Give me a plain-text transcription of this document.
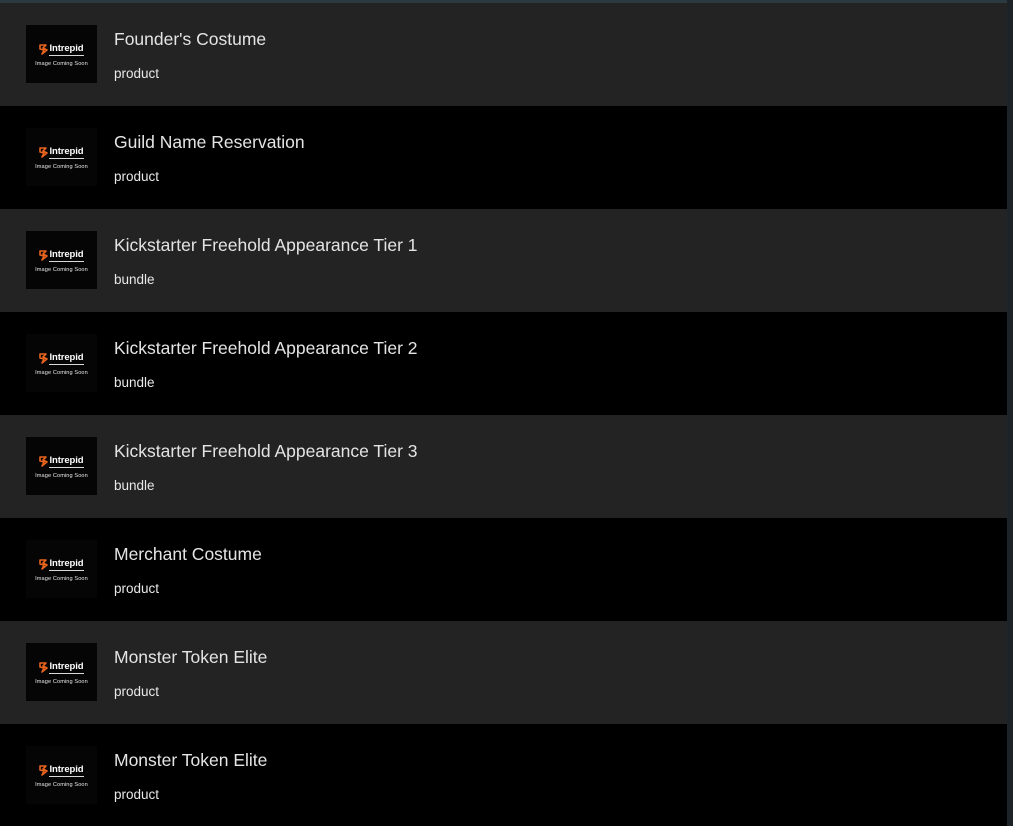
Intrepid
Image Coming Soon
Founder's Costume
product
Intrepid
Image Coming Soon
Guild Name Reservation
product
Intrepid
Image Coming Soon
Kickstarter Freehold Appearance Tier 1
bundle
Intrepid
Image Coming Soon
Kickstarter Freehold Appearance Tier 2
bundle
Intrepid
Image Coming Soon
Kickstarter Freehold Appearance Tier 3
bundle
Intrepid
Image Coming Soon
Merchant Costume
product
Intrepid
Image Coming Soon
Monster Token Elite
product
Intrepid
Image Coming Soon
Monster Token Elite
product
